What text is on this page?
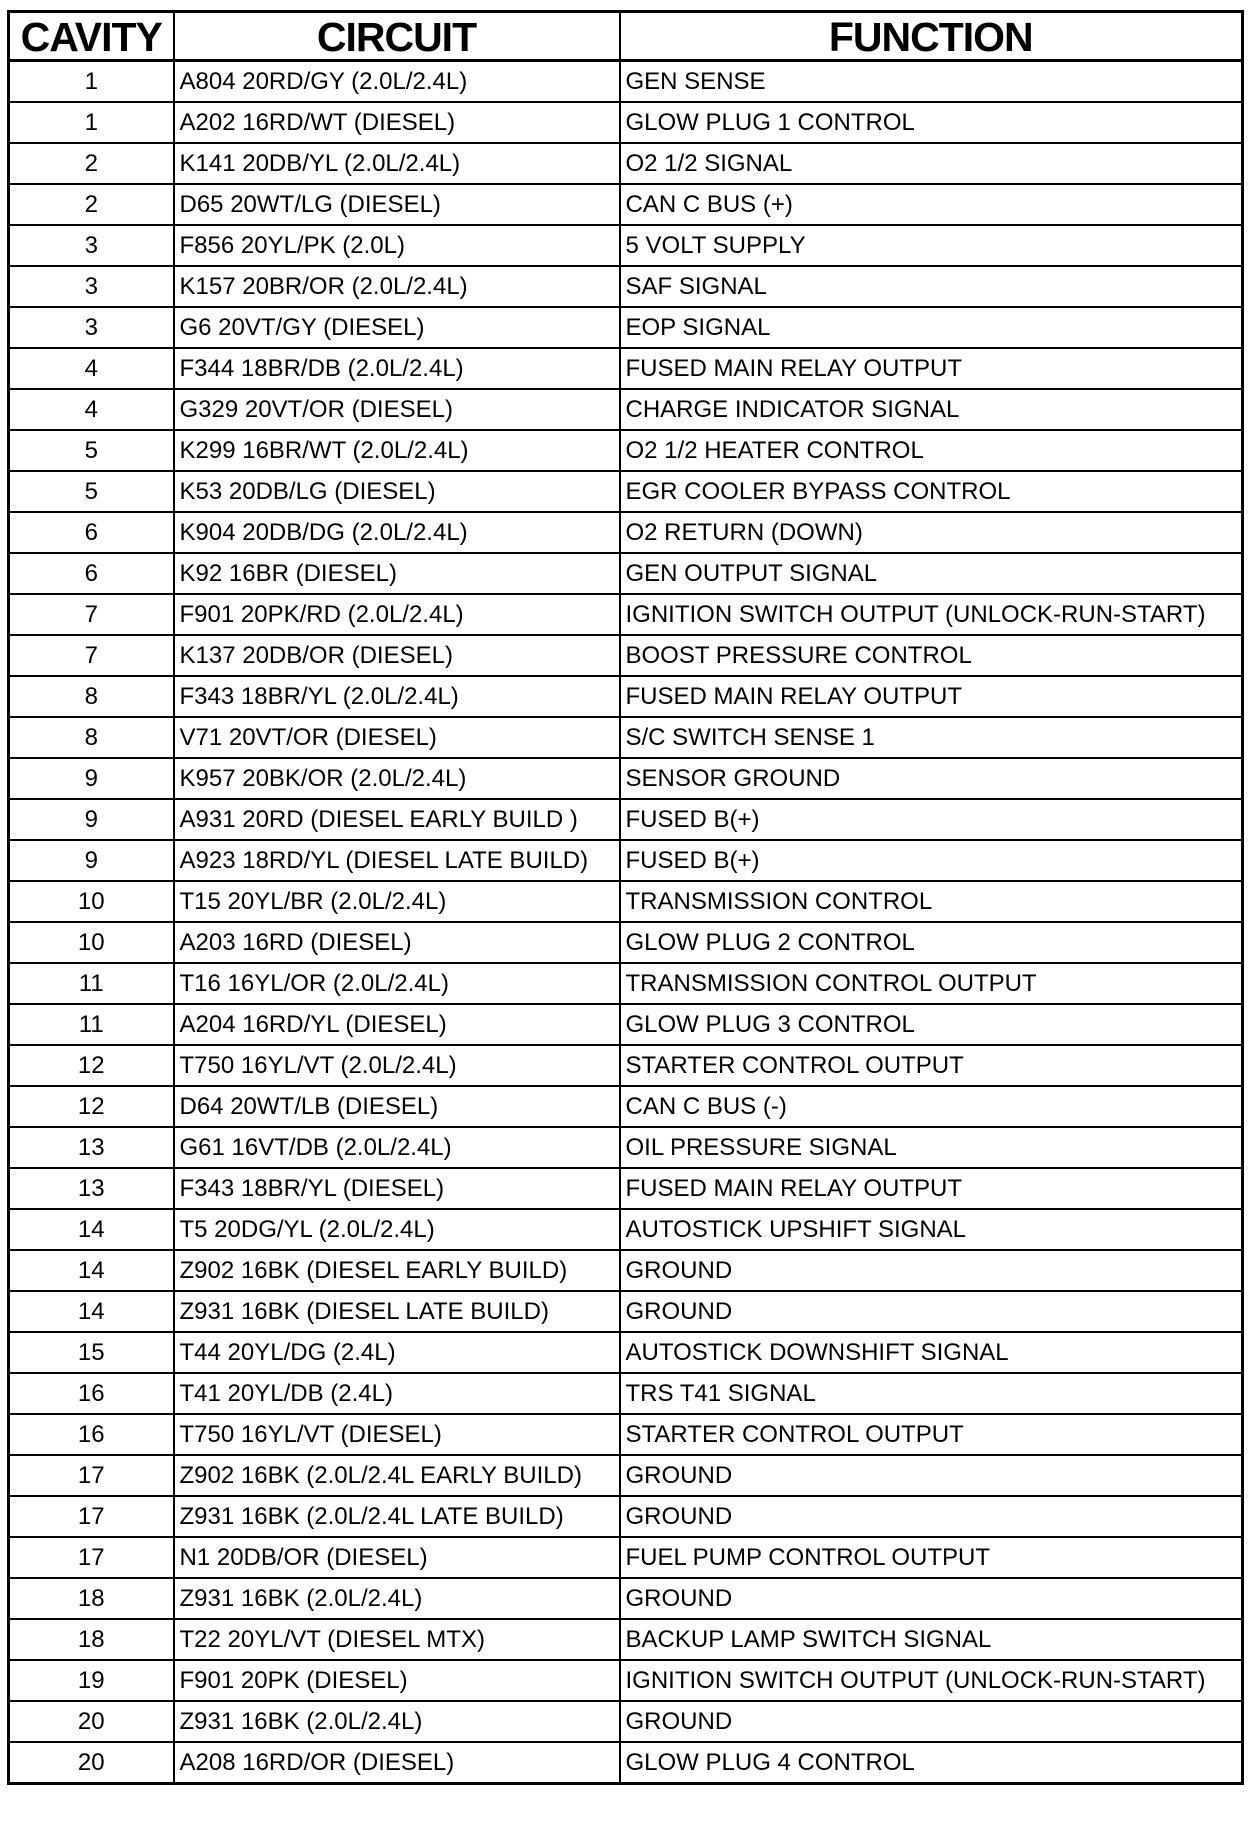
CAVITY	CIRCUIT	FUNCTION
1	A804 20RD/GY (2.0L/2.4L)	GEN SENSE
1	A202 16RD/WT (DIESEL)	GLOW PLUG 1 CONTROL
2	K141 20DB/YL (2.0L/2.4L)	O2 1/2 SIGNAL
2	D65 20WT/LG (DIESEL)	CAN C BUS (+)
3	F856 20YL/PK (2.0L)	5 VOLT SUPPLY
3	K157 20BR/OR (2.0L/2.4L)	SAF SIGNAL
3	G6 20VT/GY (DIESEL)	EOP SIGNAL
4	F344 18BR/DB (2.0L/2.4L)	FUSED MAIN RELAY OUTPUT
4	G329 20VT/OR (DIESEL)	CHARGE INDICATOR SIGNAL
5	K299 16BR/WT (2.0L/2.4L)	O2 1/2 HEATER CONTROL
5	K53 20DB/LG (DIESEL)	EGR COOLER BYPASS CONTROL
6	K904 20DB/DG (2.0L/2.4L)	O2 RETURN (DOWN)
6	K92 16BR (DIESEL)	GEN OUTPUT SIGNAL
7	F901 20PK/RD (2.0L/2.4L)	IGNITION SWITCH OUTPUT (UNLOCK-RUN-START)
7	K137 20DB/OR (DIESEL)	BOOST PRESSURE CONTROL
8	F343 18BR/YL (2.0L/2.4L)	FUSED MAIN RELAY OUTPUT
8	V71 20VT/OR (DIESEL)	S/C SWITCH SENSE 1
9	K957 20BK/OR (2.0L/2.4L)	SENSOR GROUND
9	A931 20RD (DIESEL EARLY BUILD )	FUSED B(+)
9	A923 18RD/YL (DIESEL LATE BUILD)	FUSED B(+)
10	T15 20YL/BR (2.0L/2.4L)	TRANSMISSION CONTROL
10	A203 16RD (DIESEL)	GLOW PLUG 2 CONTROL
11	T16 16YL/OR (2.0L/2.4L)	TRANSMISSION CONTROL OUTPUT
11	A204 16RD/YL (DIESEL)	GLOW PLUG 3 CONTROL
12	T750 16YL/VT (2.0L/2.4L)	STARTER CONTROL OUTPUT
12	D64 20WT/LB (DIESEL)	CAN C BUS (-)
13	G61 16VT/DB (2.0L/2.4L)	OIL PRESSURE SIGNAL
13	F343 18BR/YL (DIESEL)	FUSED MAIN RELAY OUTPUT
14	T5 20DG/YL (2.0L/2.4L)	AUTOSTICK UPSHIFT SIGNAL
14	Z902 16BK (DIESEL EARLY BUILD)	GROUND
14	Z931 16BK (DIESEL LATE BUILD)	GROUND
15	T44 20YL/DG (2.4L)	AUTOSTICK DOWNSHIFT SIGNAL
16	T41 20YL/DB (2.4L)	TRS T41 SIGNAL
16	T750 16YL/VT (DIESEL)	STARTER CONTROL OUTPUT
17	Z902 16BK (2.0L/2.4L EARLY BUILD)	GROUND
17	Z931 16BK (2.0L/2.4L LATE BUILD)	GROUND
17	N1 20DB/OR (DIESEL)	FUEL PUMP CONTROL OUTPUT
18	Z931 16BK (2.0L/2.4L)	GROUND
18	T22 20YL/VT (DIESEL MTX)	BACKUP LAMP SWITCH SIGNAL
19	F901 20PK (DIESEL)	IGNITION SWITCH OUTPUT (UNLOCK-RUN-START)
20	Z931 16BK (2.0L/2.4L)	GROUND
20	A208 16RD/OR (DIESEL)	GLOW PLUG 4 CONTROL
